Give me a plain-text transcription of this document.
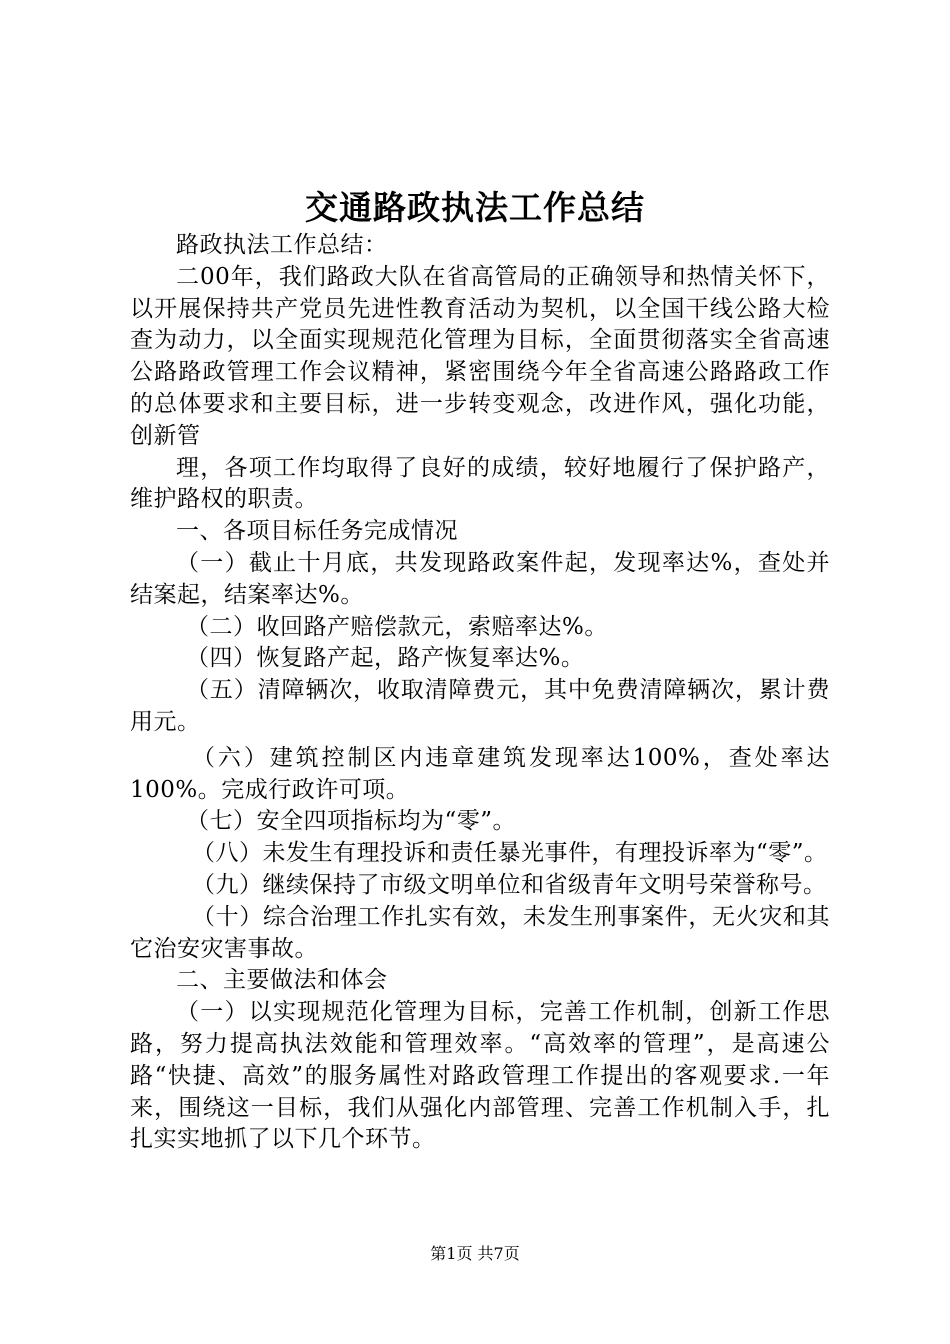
交通路政执法工作总结

路政执法工作总结：

二00年，我们路政大队在省高管局的正确领导和热情关怀下，以开展保持共产党员先进性教育活动为契机，以全国干线公路大检查为动力，以全面实现规范化管理为目标，全面贯彻落实全省高速公路路政管理工作会议精神，紧密围绕今年全省高速公路路政工作的总体要求和主要目标，进一步转变观念，改进作风，强化功能，创新管

理，各项工作均取得了良好的成绩，较好地履行了保护路产，维护路权的职责。

一、各项目标任务完成情况

（一）截止十月底，共发现路政案件起，发现率达%，查处并结案起，结案率达%。

（二）收回路产赔偿款元，索赔率达%。

（四）恢复路产起，路产恢复率达%。

（五）清障辆次，收取清障费元，其中免费清障辆次，累计费用元。

（六）建筑控制区内违章建筑发现率达100%，查处率达100%。完成行政许可项。

（七）安全四项指标均为“零”。

（八）未发生有理投诉和责任暴光事件，有理投诉率为“零”。

（九）继续保持了市级文明单位和省级青年文明号荣誉称号。

（十）综合治理工作扎实有效，未发生刑事案件，无火灾和其它治安灾害事故。

二、主要做法和体会

（一）以实现规范化管理为目标，完善工作机制，创新工作思路，努力提高执法效能和管理效率。“高效率的管理”，是高速公路“快捷、高效”的服务属性对路政管理工作提出的客观要求.一年来，围绕这一目标，我们从强化内部管理、完善工作机制入手，扎扎实实地抓了以下几个环节。

第1页 共7页
